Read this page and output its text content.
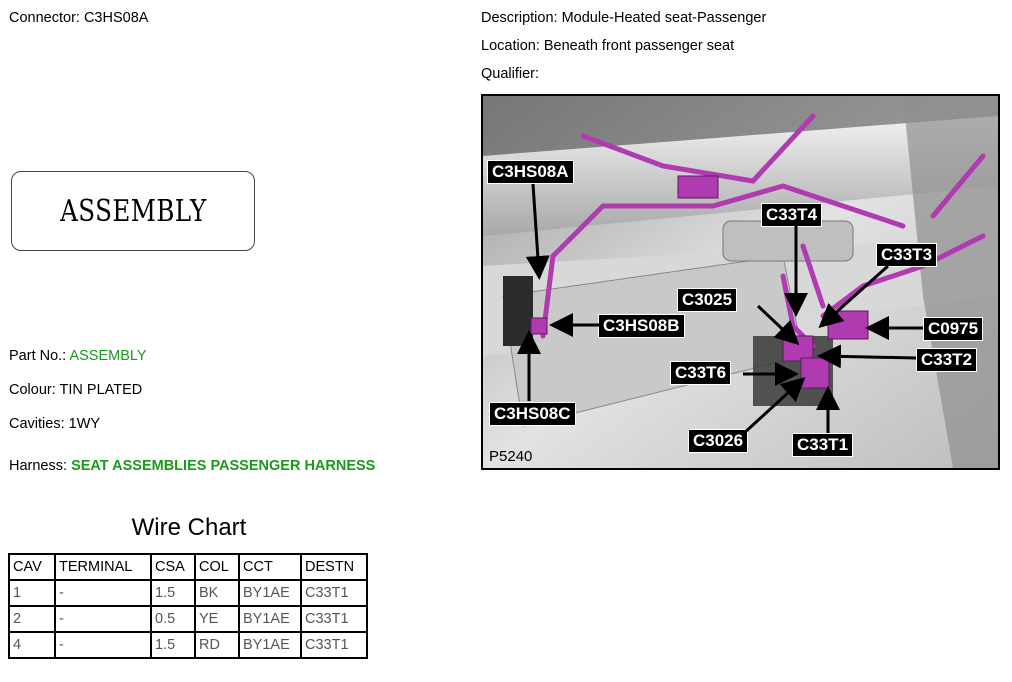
Connector: C3HS08A	Description: Module-Heated seat-Passenger
Location: Beneath front passenger seat
Qualifier:
ASSEMBLY
Part No.: ASSEMBLY
Colour: TIN PLATED
Cavities: 1WY
Harness: SEAT ASSEMBLIES PASSENGER HARNESS
Wire Chart
CAV	TERMINAL	CSA	COL	CCT	DESTN
1	-	1.5	BK	BY1AE	C33T1
2	-	0.5	YE	BY1AE	C33T1
4	-	1.5	RD	BY1AE	C33T1
C3HS08A
C33T4
C33T3
C3025
C3HS08B	C0975
C33T2
C33T6
C3HS08C
C3026	C33T1
P5240
